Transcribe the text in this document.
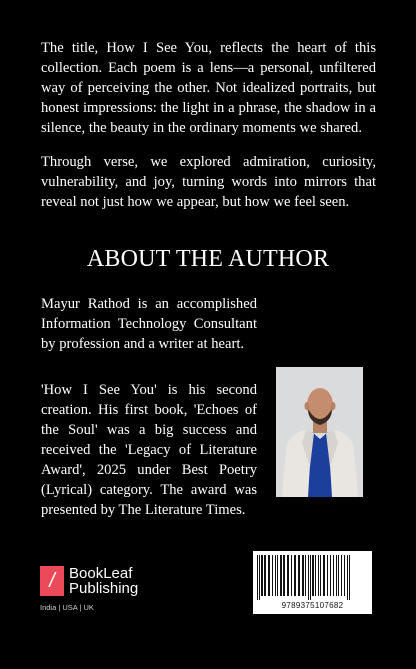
The title, How I See You, reflects the heart of this collection. Each poem is a lens—a personal, unfiltered way of perceiving the other. Not idealized portraits, but honest impressions: the light in a phrase, the shadow in a silence, the beauty in the ordinary moments we shared.

Through verse, we explored admiration, curiosity, vulnerability, and joy, turning words into mirrors that reveal not just how we appear, but how we feel seen.

ABOUT THE AUTHOR

Mayur Rathod is an accomplished Information Technology Consultant by profession and a writer at heart.

'How I See You' is his second creation. His first book, 'Echoes of the Soul' was a big success and received the 'Legacy of Literature Award', 2025 under Best Poetry (Lyrical) category. The award was presented by The Literature Times.

/ BookLeaf
Publishing
India | USA | UK	9789375107682
